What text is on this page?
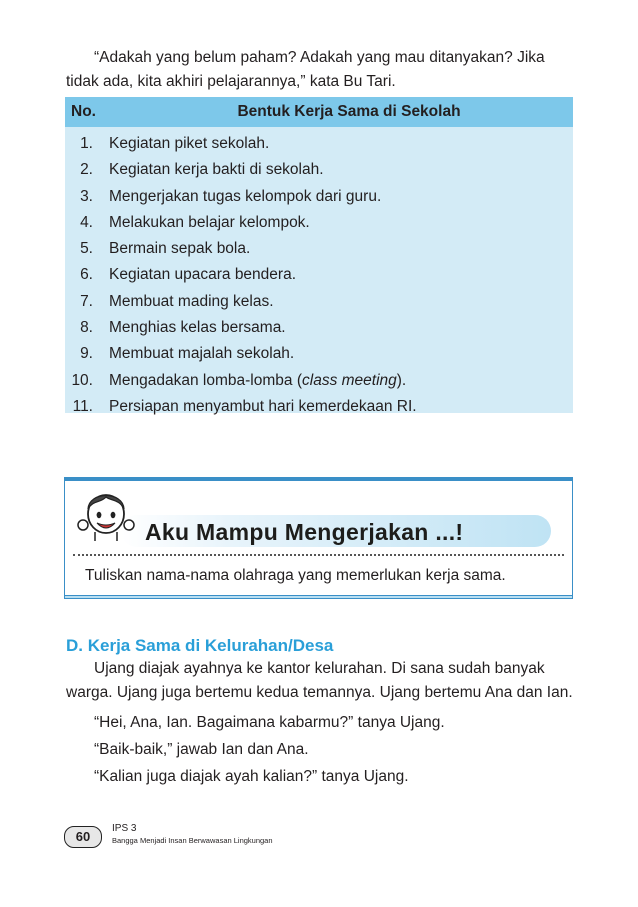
“Adakah yang belum paham? Adakah yang mau ditanyakan? Jika tidak ada, kita akhiri pelajarannya,” kata Bu Tari.
No.	Bentuk Kerja Sama di Sekolah
1. Kegiatan piket sekolah.
2. Kegiatan kerja bakti di sekolah.
3. Mengerjakan tugas kelompok dari guru.
4. Melakukan belajar kelompok.
5. Bermain sepak bola.
6. Kegiatan upacara bendera.
7. Membuat mading kelas.
8. Menghias kelas bersama.
9. Membuat majalah sekolah.
10. Mengadakan lomba-lomba (class meeting).
11. Persiapan menyambut hari kemerdekaan RI.
Aku Mampu Mengerjakan ...!
Tuliskan nama-nama olahraga yang memerlukan kerja sama.
D. Kerja Sama di Kelurahan/Desa

Ujang diajak ayahnya ke kantor kelurahan. Di sana sudah banyak warga. Ujang juga bertemu kedua temannya. Ujang bertemu Ana dan Ian.

“Hei, Ana, Ian. Bagaimana kabarmu?” tanya Ujang.

“Baik-baik,” jawab Ian dan Ana.

“Kalian juga diajak ayah kalian?” tanya Ujang.

60
IPS 3
Bangga Menjadi Insan Berwawasan Lingkungan
